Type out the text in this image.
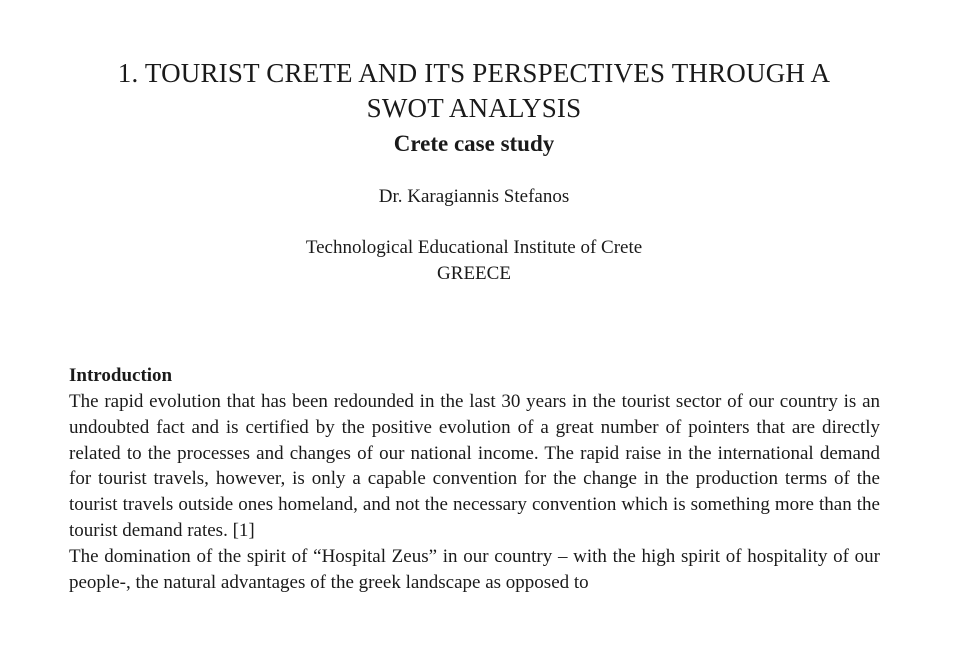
1. TOURIST CRETE AND ITS PERSPECTIVES THROUGH A
SWOT ANALYSIS
Crete case study
Dr. Karagiannis Stefanos
Technological Educational Institute of Crete
GREECE
Introduction

The rapid evolution that has been redounded in the last 30 years in the tourist sector of our country is an undoubted fact and is certified by the positive evolution of a great number of pointers that are directly related to the processes and changes of our national income. The rapid raise in the international demand for tourist travels, however, is only a capable convention for the change in the production terms of the tourist travels outside ones homeland, and not the necessary convention which is something more than the tourist demand rates. [1]

The domination of the spirit of “Hospital Zeus” in our country – with the high spirit of hospitality of our people-, the natural advantages of the greek landscape as opposed to
